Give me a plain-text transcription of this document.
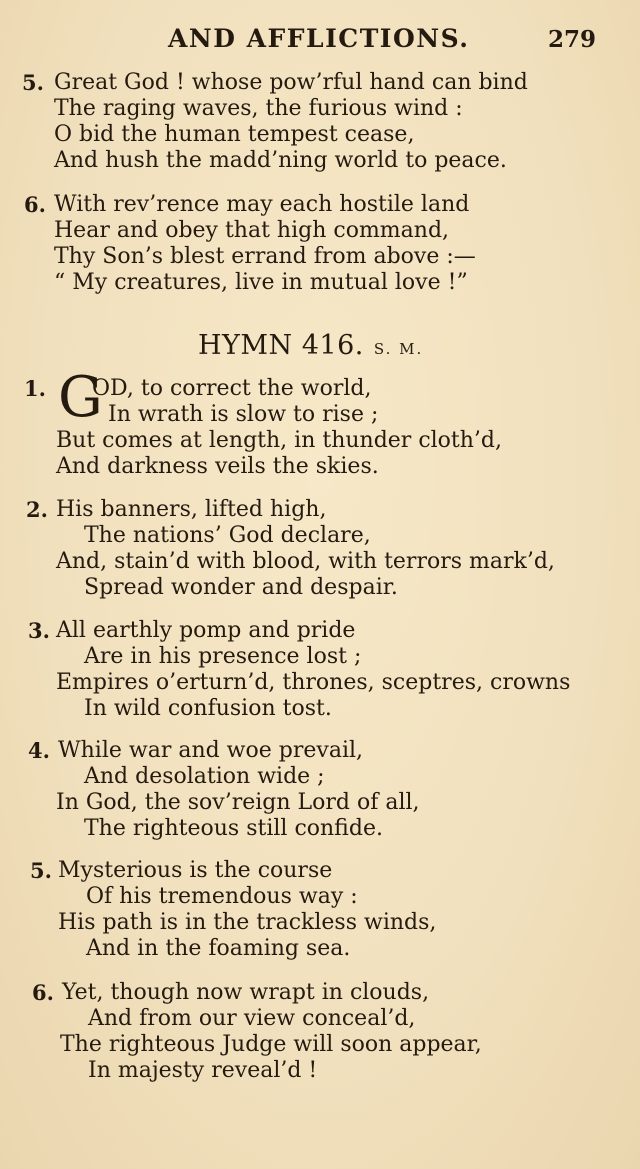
AND AFFLICTIONS.	279
5. Great God ! whose pow’rful hand can bind
The raging waves, the furious wind :
O bid the human tempest cease,
And hush the madd’ning world to peace.
6. With rev’rence may each hostile land
Hear and obey that high command,
Thy Son’s blest errand from above :—
“ My creatures, live in mutual love !”
HYMN 416. S. M.
1. G
OD, to correct the world,
In wrath is slow to rise ;
But comes at length, in thunder cloth’d,
And darkness veils the skies.
2. His banners, lifted high,
The nations’ God declare,
And, stain’d with blood, with terrors mark’d,
Spread wonder and despair.
3. All earthly pomp and pride
Are in his presence lost ;
Empires o’erturn’d, thrones, sceptres, crowns
In wild confusion tost.
4. While war and woe prevail,
And desolation wide ;
In God, the sov’reign Lord of all,
The righteous still confide.
5. Mysterious is the course
Of his tremendous way :
His path is in the trackless winds,
And in the foaming sea.
6. Yet, though now wrapt in clouds,
And from our view conceal’d,
The righteous Judge will soon appear,
In majesty reveal’d !
